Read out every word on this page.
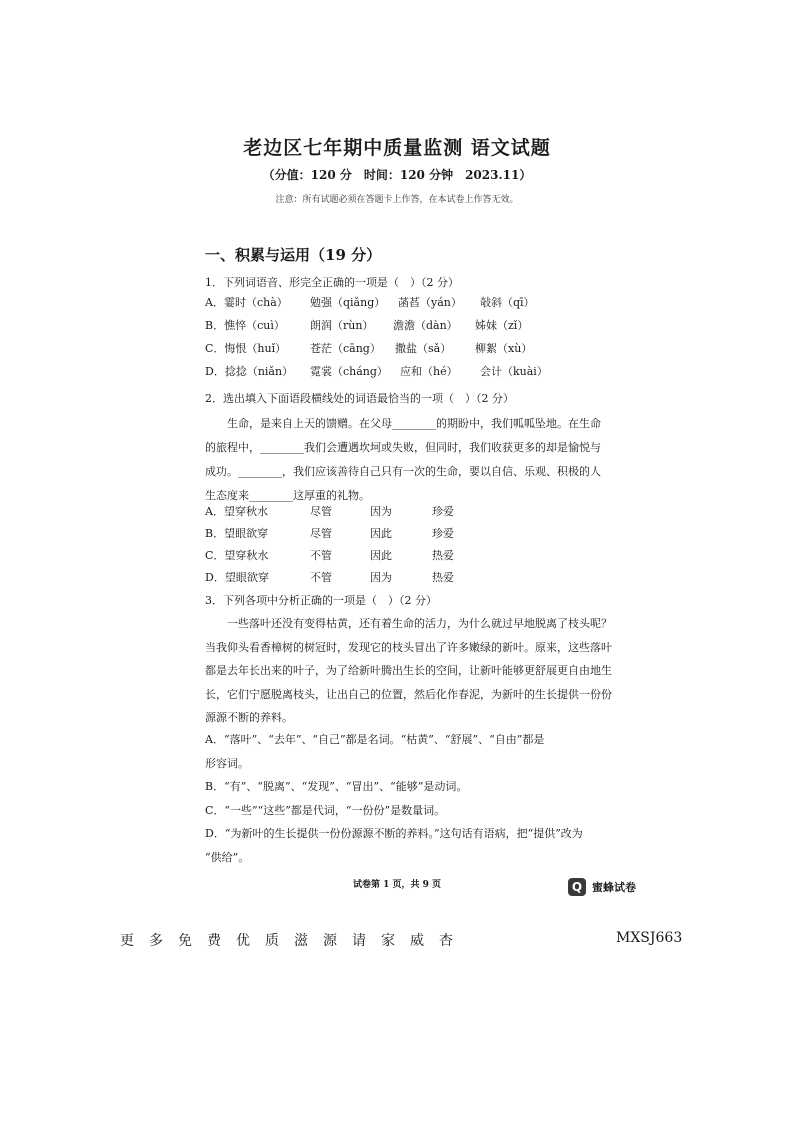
老边区七年期中质量监测 语文试题
（分值：120 分　时间：120 分钟　2023.11）
注意：所有试题必须在答题卡上作答，在本试卷上作答无效。
一、积累与运用（19 分）
1．下列词语音、形完全正确的一项是（　）（2 分）
A．霎时（chà） 勉强（qiǎng） 菡萏（yán） 敧斜（qī）
B．憔悴（cuì） 朗润（rùn） 澹澹（dàn） 姊妹（zǐ）
C．悔恨（huǐ） 苍茫（cāng） 撒盐（sǎ） 柳絮（xù）
D．捻捻（niǎn） 霓裳（cháng） 应和（hé） 会计（kuài）
2．选出填入下面语段横线处的词语最恰当的一项（　）（2 分）
　　生命，是来自上天的馈赠。在父母________的期盼中，我们呱呱坠地。在生命
的旅程中，________我们会遭遇坎坷或失败，但同时，我们收获更多的却是愉悦与
成功。________，我们应该善待自己只有一次的生命，要以自信、乐观、积极的人
生态度来________这厚重的礼物。
A．望穿秋水	尽管	因为	珍爱
B．望眼欲穿	尽管	因此	珍爱
C．望穿秋水	不管	因此	热爱
D．望眼欲穿	不管	因为	热爱
3．下列各项中分析正确的一项是（　）（2 分）
　　一些落叶还没有变得枯黄，还有着生命的活力，为什么就过早地脱离了枝头呢？
当我仰头看香樟树的树冠时，发现它的枝头冒出了许多嫩绿的新叶。原来，这些落叶
都是去年长出来的叶子，为了给新叶腾出生长的空间，让新叶能够更舒展更自由地生
长，它们宁愿脱离枝头，让出自己的位置，然后化作春泥，为新叶的生长提供一份份
源源不断的养料。
A．“落叶”、“去年”、“自己”都是名词。“枯黄”、“舒展”、“自由”都是
形容词。
B．“有”、“脱离”、“发现”、“冒出”、“能够”是动词。
C．“一些”“这些”都是代词，“一份份”是数量词。
D．“为新叶的生长提供一份份源源不断的养料。”这句话有语病，把“提供”改为
“供给”。
试卷第 1 页，共 9 页	Q 蜜蜂试卷
更多免费优质滋源请家威杏	MXSJ663
